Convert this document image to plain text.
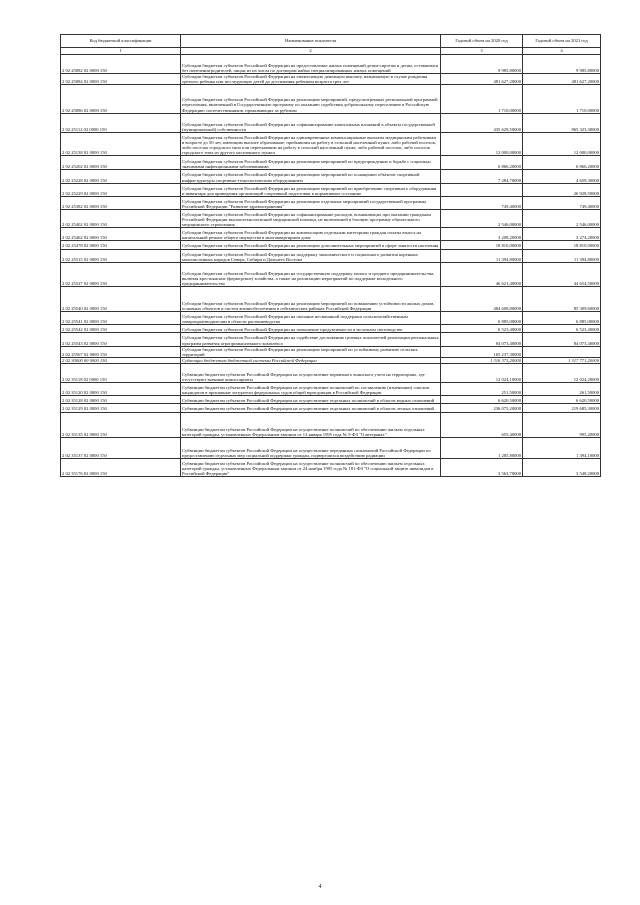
Код бюджетной классификации	Наименование показателя	Годовой объем на 2020 год	Годовой объем на 2021 год
1	2	3	4
2 02 25082 02 0000 150	Субсидии бюджетам субъектов Российской Федерации на предоставление жилых помещений детям-сиротам и детям, оставшимся без попечения родителей, лицам из их числа по договорам найма специализированных жилых помещений	9 985,80000	9 985,80000
2 02 25084 02 0000 150	Субсидии бюджетам субъектов Российской Федерации на ежемесячную денежную выплату, назначаемую в случае рождения третьего ребенка или последующих детей до достижения ребенком возраста трех лет	481 627,20000	481 627,20000
2 02 25086 02 0000 150	Субсидии бюджетам субъектов Российской Федерации на реализацию мероприятий, предусмотренных региональной программой переселения, включенной в Государственную программу по оказанию содействия добровольному переселению в Российскую Федерацию соотечественников, проживающих за рубежом	1 710,00000	1 710,00000
2 02 25112 02 0000 150	Субсидии бюджетам субъектов Российской Федерации на софинансирование капитальных вложений в объекты государственной (муниципальной) собственности	435 629,50000	865 323,30000
2 02 25138 02 0000 150	Субсидии бюджетам субъектов Российской Федерации на единовременные компенсационные выплаты медицинским работникам в возрасте до 50 лет, имеющим высшее образование, прибывшим на работу в сельский населенный пункт, либо рабочий поселок, либо поселок городского типа или переехавшим на работу в сельский населенный пункт, либо рабочий поселок, либо поселок городского типа из другого населенного пункта	12 000,00000	12 000,00000
2 02 25202 02 0000 150	Субсидии бюджетам субъектов Российской Федерации на реализацию мероприятий по предупреждению и борьбе с социально значимыми инфекционными заболеваниями	6 866,20000	6 866,20000
2 02 25228 02 0000 150	Субсидии бюджетам субъектов Российской Федерации на реализацию мероприятий по оснащению объектов спортивной инфраструктуры спортивно-технологическим оборудованием	7 284,70000	4 659,30000
2 02 25229 02 0000 150	Субсидии бюджетам субъектов Российской Федерации на реализацию мероприятий по приобретению спортивного оборудования и инвентаря для приведения организаций спортивной подготовки в нормативное состояние		26 928,50000
2 02 25382 02 0000 150	Субсидии бюджетам субъектов Российской Федерации на реализацию отдельных мероприятий государственной программы Российской Федерации "Развитие здравоохранения"	749,40000	749,40000
2 02 25402 02 0000 150	Субсидии бюджетам субъектов Российской Федерации на софинансирование расходов, возникающих при оказании гражданам Российской Федерации высокотехнологичной медицинской помощи, не включенной в базовую программу обязательного медицинского страхования	2 546,00000	2 546,00000
2 02 25462 02 0000 150	Субсидии бюджетам субъектов Российской Федерации на компенсацию отдельным категориям граждан оплаты взноса на капитальный ремонт общего имущества в многоквартирном доме	3 208,20000	3 274,20000
2 02 25478 02 0000 150	Субсидии бюджетам субъектов Российской Федерации на реализацию дополнительных мероприятий в сфере занятости населения	18 810,00000	18 810,00000
2 02 25515 02 0000 150	Субсидии бюджетам субъектов Российской Федерации на поддержку экономического и социального развития коренных малочисленных народов Севера, Сибири и Дальнего Востока	11 394,80000	11 394,80000
2 02 25527 02 0000 150	Субсидии бюджетам субъектов Российской Федерации на государственную поддержку малого и среднего предпринимательства, включая крестьянские (фермерские) хозяйства, а также на реализацию мероприятий по поддержке молодежного предпринимательства	46 621,40000	44 654,50000
2 02 25540 02 0000 150	Субсидии бюджетам субъектов Российской Федерации на реализацию мероприятий по повышению устойчивости жилых домов, основных объектов и систем жизнеобеспечения в сейсмических районах Российской Федерации	484 608,80000	85 309,60000
2 02 25541 02 0000 150	Субсидии бюджетам субъектов Российской Федерации на оказание несвязанной поддержки сельскохозяйственным товаропроизводителям в области растениеводства	6 885,00000	6 885,00000
2 02 25542 02 0000 150	Субсидии бюджетам субъектов Российской Федерации на повышение продуктивности в молочном скотоводстве	6 523,40000	6 523,40000
2 02 25543 02 0000 150	Субсидии бюджетам субъектов Российской Федерации на содействие достижению целевых показателей реализации региональных программ развития агропромышленного комплекса	84 073,40000	84 073,40000
2 02 25567 02 0000 150	Субсидии бюджетам субъектов Российской Федерации на реализацию мероприятий по устойчивому развитию сельских территорий	165 237,30000	
2 02 30000 00 0000 150	Субвенции бюджетам бюджетной системы Российской Федерации	1 316 373,20000	1 317 771,20000
2 02 35118 02 0000 150	Субвенции бюджетам субъектов Российской Федерации на осуществление первичного воинского учета на территориях, где отсутствуют военные комиссариаты	12 024,10000	12 024,20000
2 02 35120 02 0000 150	Субвенции бюджетам субъектов Российской Федерации на осуществление полномочий по составлению (изменению) списков кандидатов в присяжные заседатели федеральных судов общей юрисдикции в Российской Федерации	251,50000	261,50000
2 02 35128 02 0000 150	Субвенции бюджетам субъектов Российской Федерации на осуществление отдельных полномочий в области водных отношений	6 620,50000	6 620,50000
2 02 35129 02 0000 150	Субвенции бюджетам субъектов Российской Федерации на осуществление отдельных полномочий в области лесных отношений	236 075,20000	219 685,30000
2 02 35135 02 0000 150	Субвенции бюджетам субъектов Российской Федерации на осуществление полномочий по обеспечению жильем отдельных категорий граждан, установленных Федеральным законом от 12 января 1995 года № 5-ФЗ "О ветеранах"	655,40000	995,20000
2 02 35137 02 0000 150	Субвенции бюджетам субъектов Российской Федерации на осуществление переданных полномочий Российской Федерации по предоставлению отдельных мер социальной поддержки граждан, подвергшихся воздействию радиации	1 285,80000	1 394,10000
2 02 35176 02 0000 150	Субвенции бюджетам субъектов Российской Федерации на осуществление полномочий по обеспечению жильем отдельных категорий граждан, установленных Федеральным законом от 24 ноября 1995 года № 181-ФЗ "О социальной защите инвалидов в Российской Федерации"	3 563,70000	3 548,20000
4
